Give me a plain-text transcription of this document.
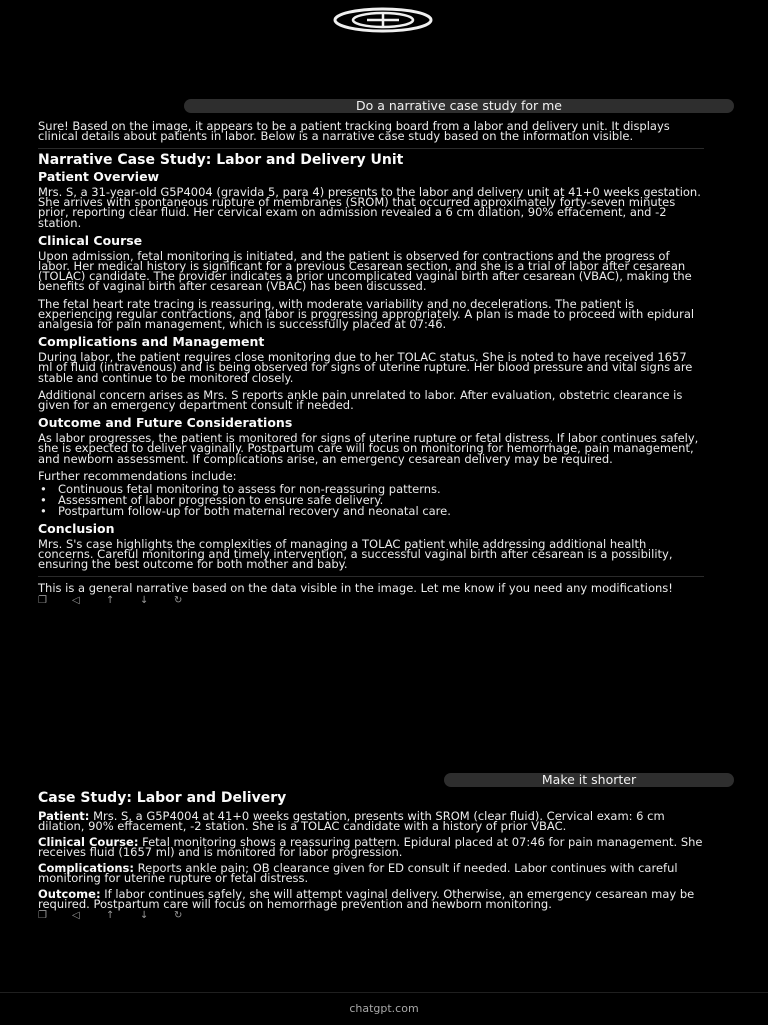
Do a narrative case study for me
Sure! Based on the image, it appears to be a patient tracking board from a labor and delivery unit. It displays clinical details about patients in labor. Below is a narrative case study based on the information visible.
Narrative Case Study: Labor and Delivery Unit
Patient Overview
Mrs. S, a 31-year-old G5P4004 (gravida 5, para 4) presents to the labor and delivery unit at 41+0 weeks gestation. She arrives with spontaneous rupture of membranes (SROM) that occurred approximately forty-seven minutes prior, reporting clear fluid. Her cervical exam on admission revealed a 6 cm dilation, 90% effacement, and -2 station.
Clinical Course
Upon admission, fetal monitoring is initiated, and the patient is observed for contractions and the progress of labor. Her medical history is significant for a previous Cesarean section, and she is a trial of labor after cesarean (TOLAC) candidate. The provider indicates a prior uncomplicated vaginal birth after cesarean (VBAC), making the benefits of vaginal birth after cesarean (VBAC) has been discussed.
The fetal heart rate tracing is reassuring, with moderate variability and no decelerations. The patient is experiencing regular contractions, and labor is progressing appropriately. A plan is made to proceed with epidural analgesia for pain management, which is successfully placed at 07:46.
Complications and Management
During labor, the patient requires close monitoring due to her TOLAC status. She is noted to have received 1657 ml of fluid (intravenous) and is being observed for signs of uterine rupture. Her blood pressure and vital signs are stable and continue to be monitored closely.
Additional concern arises as Mrs. S reports ankle pain unrelated to labor. After evaluation, obstetric clearance is given for an emergency department consult if needed.
Outcome and Future Considerations
As labor progresses, the patient is monitored for signs of uterine rupture or fetal distress. If labor continues safely, she is expected to deliver vaginally. Postpartum care will focus on monitoring for hemorrhage, pain management, and newborn assessment. If complications arise, an emergency cesarean delivery may be required.
Further recommendations include:
• Continuous fetal monitoring to assess for non-reassuring patterns.
• Assessment of labor progression to ensure safe delivery.
• Postpartum follow-up for both maternal recovery and neonatal care.
Conclusion
Mrs. S's case highlights the complexities of managing a TOLAC patient while addressing additional health concerns. Careful monitoring and timely intervention, a successful vaginal birth after cesarean is a possibility, ensuring the best outcome for both mother and baby.
This is a general narrative based on the data visible in the image. Let me know if you need any modifications!
❐	◁	↑	↓	↻
Make it shorter
Case Study: Labor and Delivery
Patient: Mrs. S, a G5P4004 at 41+0 weeks gestation, presents with SROM (clear fluid). Cervical exam: 6 cm dilation, 90% effacement, -2 station. She is a TOLAC candidate with a history of prior VBAC.
Clinical Course: Fetal monitoring shows a reassuring pattern. Epidural placed at 07:46 for pain management. She receives fluid (1657 ml) and is monitored for labor progression.
Complications: Reports ankle pain; OB clearance given for ED consult if needed. Labor continues with careful monitoring for uterine rupture or fetal distress.
Outcome: If labor continues safely, she will attempt vaginal delivery. Otherwise, an emergency cesarean may be required. Postpartum care will focus on hemorrhage prevention and newborn monitoring.
❐	◁	↑	↓	↻
chatgpt.com
